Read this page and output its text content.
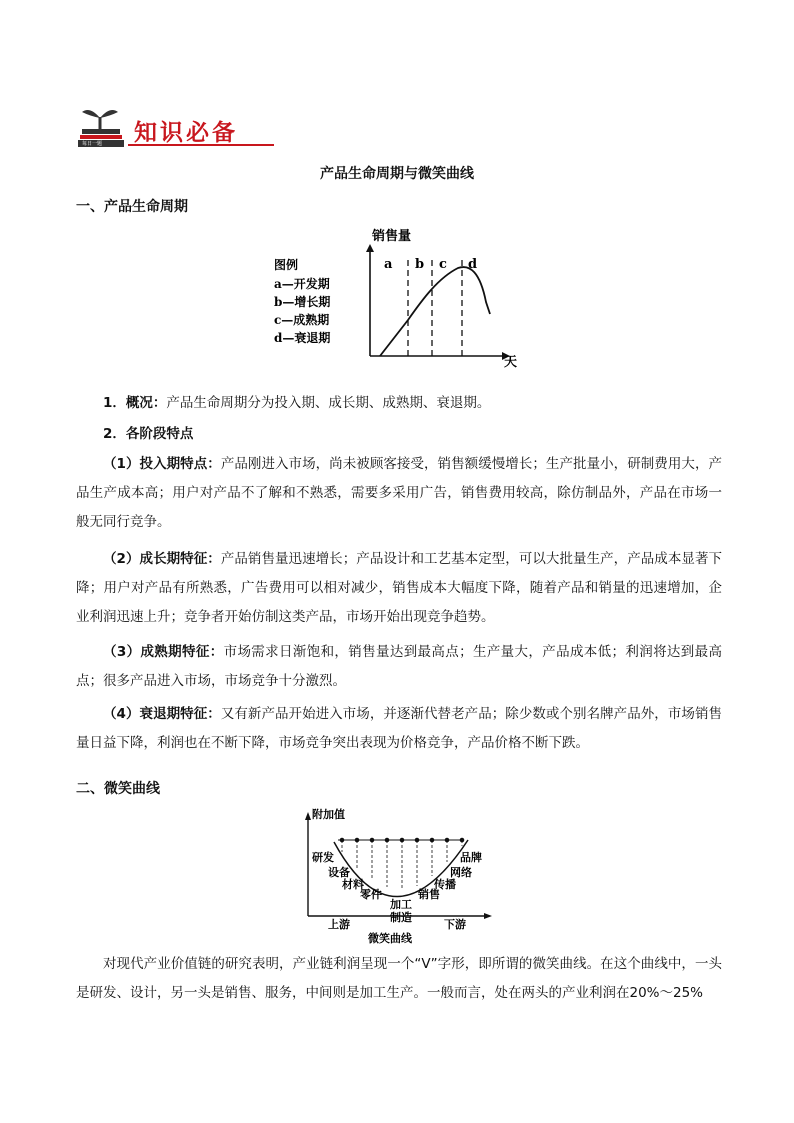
每日一题 知识必备
产品生命周期与微笑曲线
一、产品生命周期
销售量
天
a b c d
图例
a—开发期
b—增长期
c—成熟期
d—衰退期
1．概况：产品生命周期分为投入期、成长期、成熟期、衰退期。
2．各阶段特点
（1）投入期特点：产品刚进入市场，尚未被顾客接受，销售额缓慢增长；生产批量小，研制费用大，产品生产成本高；用户对产品不了解和不熟悉，需要多采用广告，销售费用较高，除仿制品外，产品在市场一般无同行竞争。
（2）成长期特征：产品销售量迅速增长；产品设计和工艺基本定型，可以大批量生产，产品成本显著下降；用户对产品有所熟悉，广告费用可以相对减少，销售成本大幅度下降，随着产品和销量的迅速增加，企业利润迅速上升；竞争者开始仿制这类产品，市场开始出现竞争趋势。
（3）成熟期特征：市场需求日渐饱和，销售量达到最高点；生产量大，产品成本低；利润将达到最高点；很多产品进入市场，市场竞争十分激烈。
（4）衰退期特征：又有新产品开始进入市场，并逐渐代替老产品；除少数或个别名牌产品外，市场销售量日益下降，利润也在不断下降，市场竞争突出表现为价格竞争，产品价格不断下跌。
二、微笑曲线
附加值
研发
设备
材料
零件
加工
制造
销售
传播
网络
品牌
上游	下游
微笑曲线
对现代产业价值链的研究表明，产业链利润呈现一个“V”字形，即所谓的微笑曲线。在这个曲线中，一头是研发、设计，另一头是销售、服务，中间则是加工生产。一般而言，处在两头的产业利润在20%～25%
